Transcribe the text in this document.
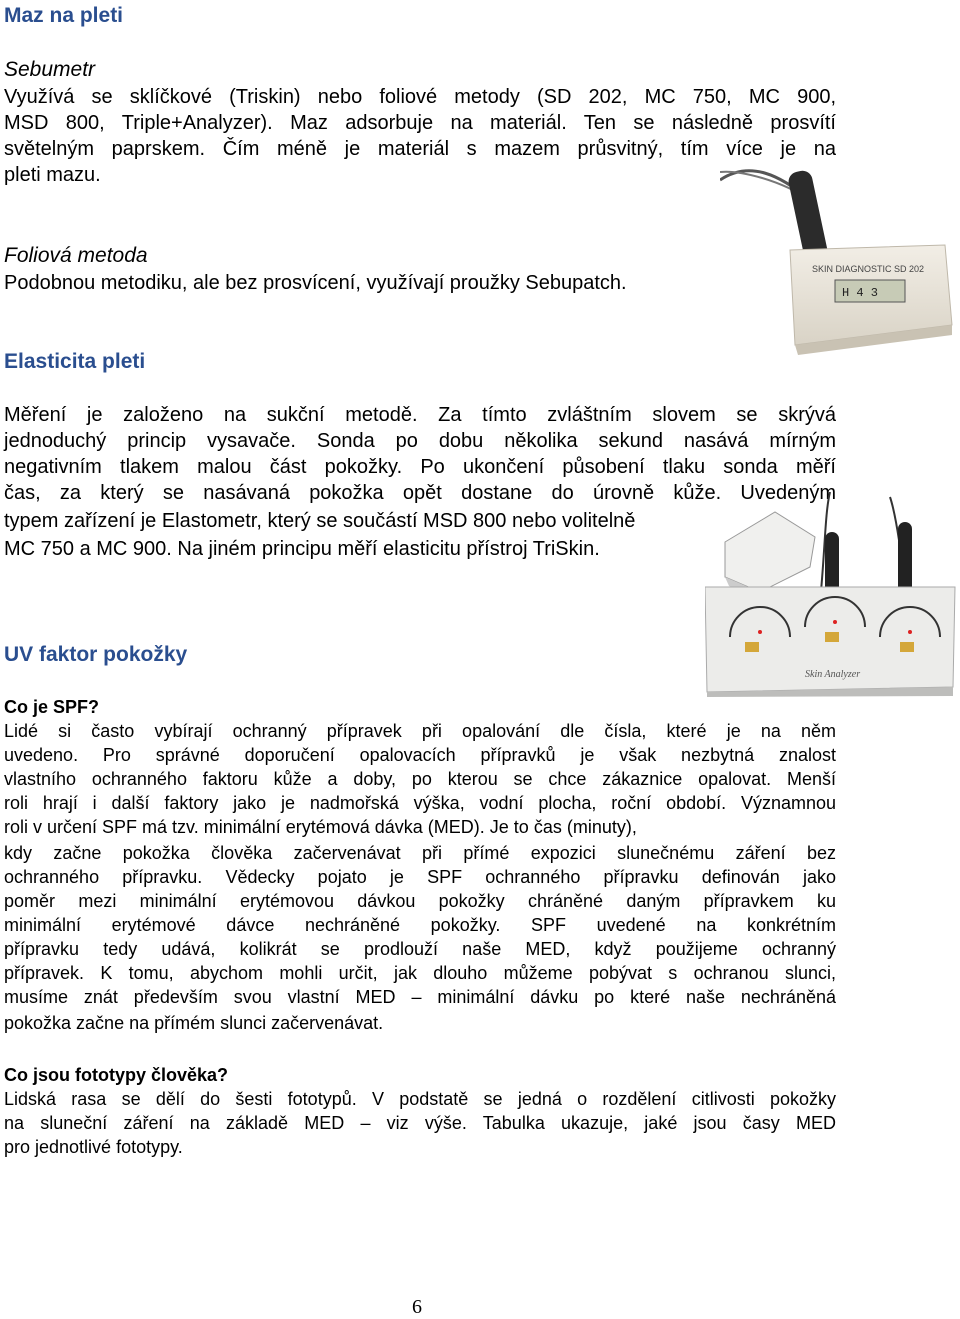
Maz na pleti
Sebumetr
Využívá se sklíčkové (Triskin) nebo foliové metody (SD 202, MC 750, MC 900,
MSD 800, Triple+Analyzer). Maz adsorbuje na materiál. Ten se následně prosvítí
světelným paprskem. Čím méně je materiál s mazem průsvitný, tím více je na
pleti mazu.
Foliová metoda
Podobnou metodiku, ale bez prosvícení, využívají proužky Sebupatch.
SKIN DIAGNOSTIC SD 202
H 4 3
Elasticita pleti
Měření je založeno na sukční metodě. Za tímto zvláštním slovem se skrývá
jednoduchý princip vysavače. Sonda po dobu několika sekund nasává mírným
negativním tlakem malou část pokožky. Po ukončení působení tlaku sonda měří
čas, za který se nasávaná pokožka opět dostane do úrovně kůže. Uvedeným
typem zařízení je Elastometr, který se součástí MSD 800 nebo volitelně
MC 750 a MC 900. Na jiném principu měří elasticitu přístroj TriSkin.
Skin Analyzer
UV faktor pokožky
Co je SPF?
Lidé si často vybírají ochranný přípravek při opalování dle čísla, které je na něm
uvedeno. Pro správné doporučení opalovacích přípravků je však nezbytná znalost
vlastního ochranného faktoru kůže a doby, po kterou se chce zákaznice opalovat. Menší
roli hrají i další faktory jako je nadmořská výška, vodní plocha, roční období. Významnou
roli v určení SPF má tzv. minimální erytémová dávka (MED). Je to čas (minuty),
kdy začne pokožka člověka začervenávat při přímé expozici slunečnému záření bez
ochranného přípravku. Vědecky pojato je SPF ochranného přípravku definován jako
poměr mezi minimální erytémovou dávkou pokožky chráněné daným přípravkem ku
minimální erytémové dávce nechráněné pokožky. SPF uvedené na konkrétním
přípravku tedy udává, kolikrát se prodlouží naše MED, když použijeme ochranný
přípravek. K tomu, abychom mohli určit, jak dlouho můžeme pobývat s ochranou slunci,
musíme znát především svou vlastní MED – minimální dávku po které naše nechráněná
pokožka začne na přímém slunci začervenávat.
Co jsou fototypy člověka?
Lidská rasa se dělí do šesti fototypů. V podstatě se jedná o rozdělení citlivosti pokožky
na sluneční záření na základě MED – viz výše. Tabulka ukazuje, jaké jsou časy MED
pro jednotlivé fototypy.
6
